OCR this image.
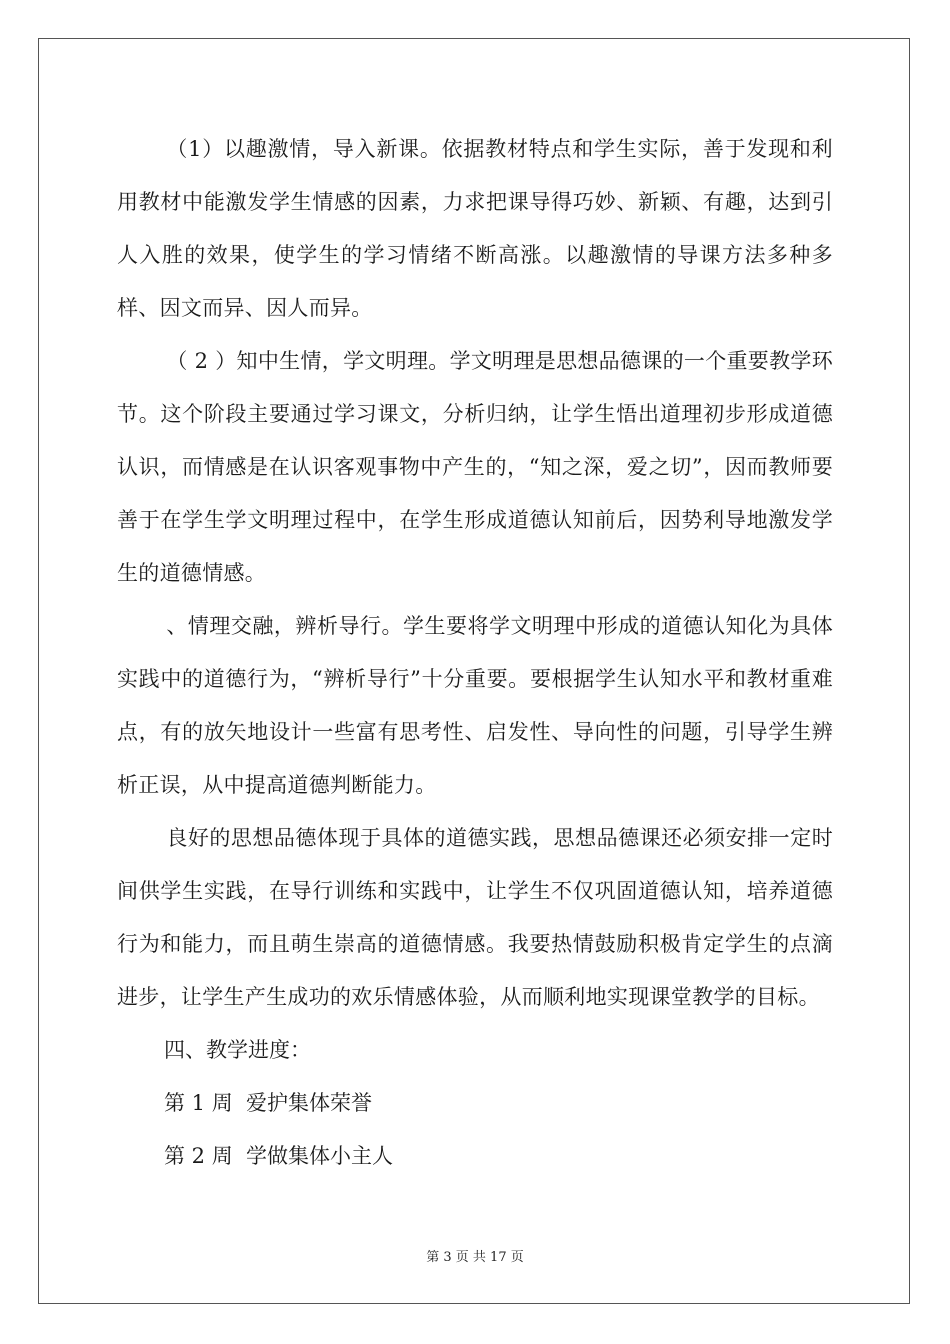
（1）以趣激情，导入新课。依据教材特点和学生实际，善于发现和利用教材中能激发学生情感的因素，力求把课导得巧妙、新颖、有趣，达到引人入胜的效果，使学生的学习情绪不断高涨。以趣激情的导课方法多种多样、因文而异、因人而异。

（ 2 ）知中生情，学文明理。学文明理是思想品德课的一个重要教学环节。这个阶段主要通过学习课文，分析归纳，让学生悟出道理初步形成道德认识，而情感是在认识客观事物中产生的，“知之深，爱之切”，因而教师要善于在学生学文明理过程中，在学生形成道德认知前后，因势利导地激发学生的道德情感。

、情理交融，辨析导行。学生要将学文明理中形成的道德认知化为具体实践中的道德行为，“辨析导行”十分重要。要根据学生认知水平和教材重难点，有的放矢地设计一些富有思考性、启发性、导向性的问题，引导学生辨析正误，从中提高道德判断能力。

良好的思想品德体现于具体的道德实践，思想品德课还必须安排一定时间供学生实践，在导行训练和实践中，让学生不仅巩固道德认知，培养道德行为和能力，而且萌生崇高的道德情感。我要热情鼓励积极肯定学生的点滴进步，让学生产生成功的欢乐情感体验，从而顺利地实现课堂教学的目标。

四、教学进度：

第 1 周  爱护集体荣誉

第 2 周  学做集体小主人

第 3 页 共 17 页
